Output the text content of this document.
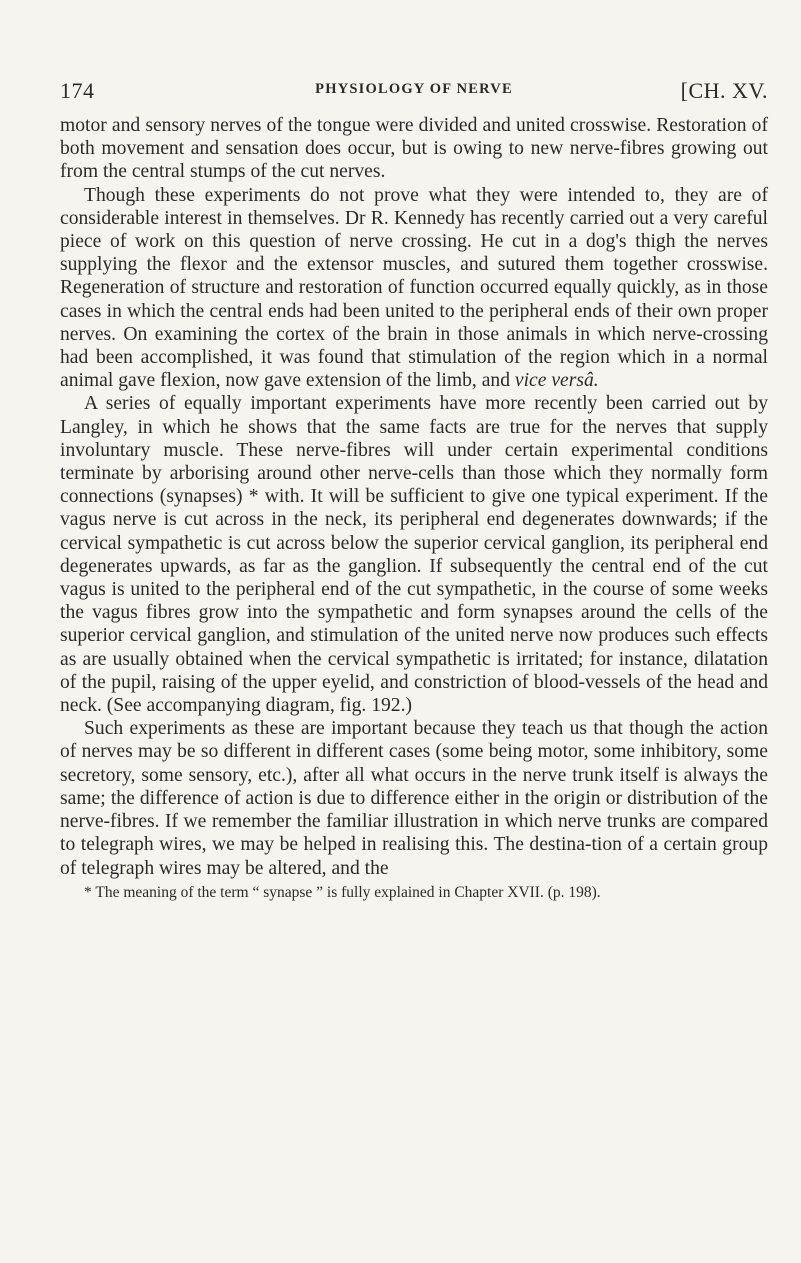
174	PHYSIOLOGY OF NERVE	[CH. XV.

motor and sensory nerves of the tongue were divided and united crosswise. Restoration of both movement and sensation does occur, but is owing to new nerve-fibres growing out from the central stumps of the cut nerves.

Though these experiments do not prove what they were intended to, they are of considerable interest in themselves. Dr R. Kennedy has recently carried out a very careful piece of work on this question of nerve crossing. He cut in a dog's thigh the nerves supplying the flexor and the extensor muscles, and sutured them together crosswise. Regeneration of structure and restoration of function occurred equally quickly, as in those cases in which the central ends had been united to the peripheral ends of their own proper nerves. On examining the cortex of the brain in those animals in which nerve-crossing had been accomplished, it was found that stimulation of the region which in a normal animal gave flexion, now gave extension of the limb, and vice versâ.

A series of equally important experiments have more recently been carried out by Langley, in which he shows that the same facts are true for the nerves that supply involuntary muscle. These nerve-fibres will under certain experimental conditions terminate by arborising around other nerve-cells than those which they normally form connections (synapses) * with. It will be sufficient to give one typical experiment. If the vagus nerve is cut across in the neck, its peripheral end degenerates downwards; if the cervical sympathetic is cut across below the superior cervical ganglion, its peripheral end degenerates upwards, as far as the ganglion. If subsequently the central end of the cut vagus is united to the peripheral end of the cut sympathetic, in the course of some weeks the vagus fibres grow into the sympathetic and form synapses around the cells of the superior cervical ganglion, and stimulation of the united nerve now produces such effects as are usually obtained when the cervical sympathetic is irritated; for instance, dilatation of the pupil, raising of the upper eyelid, and constriction of blood-vessels of the head and neck. (See accompanying diagram, fig. 192.)

Such experiments as these are important because they teach us that though the action of nerves may be so different in different cases (some being motor, some inhibitory, some secretory, some sensory, etc.), after all what occurs in the nerve trunk itself is always the same; the difference of action is due to difference either in the origin or distribution of the nerve-fibres. If we remember the familiar illustration in which nerve trunks are compared to telegraph wires, we may be helped in realising this. The destina-tion of a certain group of telegraph wires may be altered, and the

* The meaning of the term “ synapse ” is fully explained in Chapter XVII. (p. 198).
